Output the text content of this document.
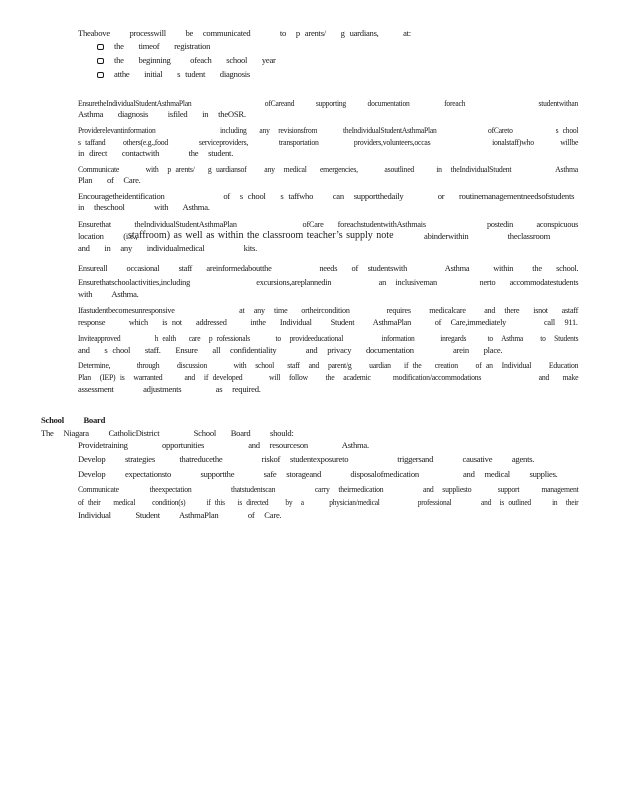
Theabove    processwill    be  communicated      to  p arents/   g uardians,     at:
the   timeof   registration
the   beginning    ofeach   school   year
atthe   initial   s tudent   diagnosis
EnsuretheIndividualStudentAsthmaPlan                 ofCareand     supporting     documentation        foreach                 studentwithan
Asthma   diagnosis    isfiled   in  theOSR.
Providerelevantinformation               including   any  revisionsfrom      theIndividualStudentAsthmaPlan            ofCareto          s chool
s taffand    others(e.g.,food       serviceproviders,       transportation        providers,volunteers,occas              ionalstaff)who      willbe
in direct   contactwith      the  student.
Communicate      with  p arents/   g uardiansof    any  medical   emergencies,      asoutlined     in  theIndividualStudent          Asthma
Plan   of  Care.
Encouragetheidentification            of  s chool   s taffwho    can  supportthedaily       or   routinemanagementneedsofstudents
in  theschool      with   Asthma.
Ensurethat     theIndividualStudentAsthmaPlan              ofCare   foreachstudentwithAsthmais             postedin     aconspicuous
location    (i.e.,
staffroom) as well as within the classroom teacher’s supply note	abinderwithin        theclassroom
and   in  any   individualmedical        kits.
Ensureall    occasional    staff   areinformedaboutthe          needs   of  studentswith        Asthma     within    the   school.
Ensurethatschoolactivities,including              excursions,areplannedin          an  inclusiveman         nerto   accommodatestudents
with    Asthma.
Ifastudentbecomesunresponsive              at  any  time   ortheircondition        requires    medicalcare    and  there   isnot   astaff
response     which   is not   addressed     inthe   Individual    Student    AsthmaPlan     of  Care,immediately        call  911.
Inviteapproved        h ealth   care  p rofessionals      to  provideeducational         information      inregards     to  Asthma    to  Students
and   s chool   staff.   Ensure   all  confidentiality      and  privacy   documentation        arein   place.
Determine,      through    discussion      with  school   staff  and  parent/g    uardian   if the   creation    of an  Individual    Education
Plan  (IEP) is  warranted     and  if developed      will  follow    the  academic     modification/accommodations             and   make
assessment      adjustments       as  required.
School    Board
The  Niagara    CatholicDistrict       School   Board    should:
Providetraining       opportunities         and  resourceson       Asthma.
Develop    strategies     thatreducethe        riskof  studentexposureto          triggersand      causative    agents.
Develop    expectationsto      supportthe      safe  storageand      disposalofmedication         and  medical    supplies.
Communicate       theexpectation         thatstudentscan         carry  theirmedication         and  suppliesto      support     management
of their   medical    condition(s)     if this   is directed    by  a      physician/medical         professional       and  is outlined     in  their
Individual     Student    AsthmaPlan      of  Care.
